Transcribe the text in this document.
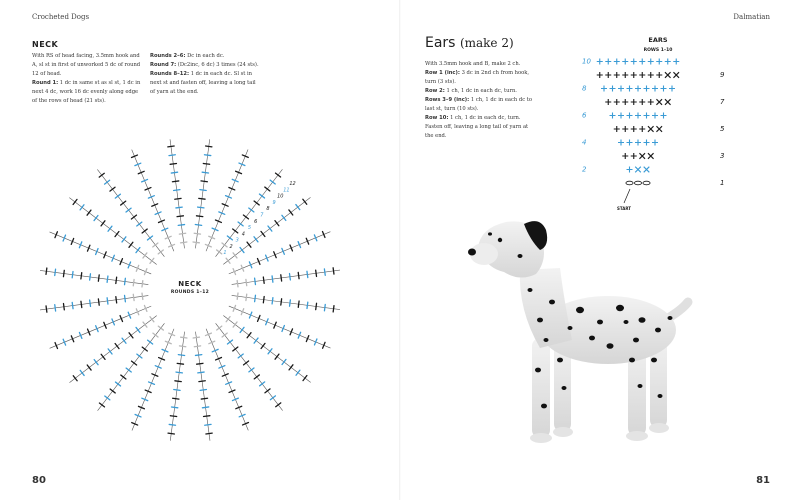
Crocheted Dogs
NECK

With RS of head facing, 3.5mm hook and A, sl st in first of unworked 5 dc of round 12 of head.

Round 1: 1 dc in same st as sl st, 1 dc in next 4 dc, work 16 dc evenly along edge of the rows of head (21 sts).

Rounds 2–6: Dc in each dc.

Round 7: (Dc2inc, 6 dc) 3 times (24 sts).

Rounds 8–12: 1 dc in each dc. Sl st in next st and fasten off, leaving a long tail of yarn at the end.

1
2
3
4
5
6
7
8
9
10
11
12
NECK
ROUNDS 1–12
80
Dalmatian
Ears (make 2)

With 3.5mm hook and B, make 2 ch.

Row 1 (inc): 3 dc in 2nd ch from hook, turn (3 sts).

Row 2: 1 ch, 1 dc in each dc, turn.

Rows 3–9 (inc): 1 ch, 1 dc in each dc to last st, turn (10 sts).

Row 10: 1 ch, 1 dc in each dc, turn. Fasten off, leaving a long tail of yarn at the end.

EARS
ROWS 1–10
START
10
8
6
4
2
9
7
5
3
1
81
